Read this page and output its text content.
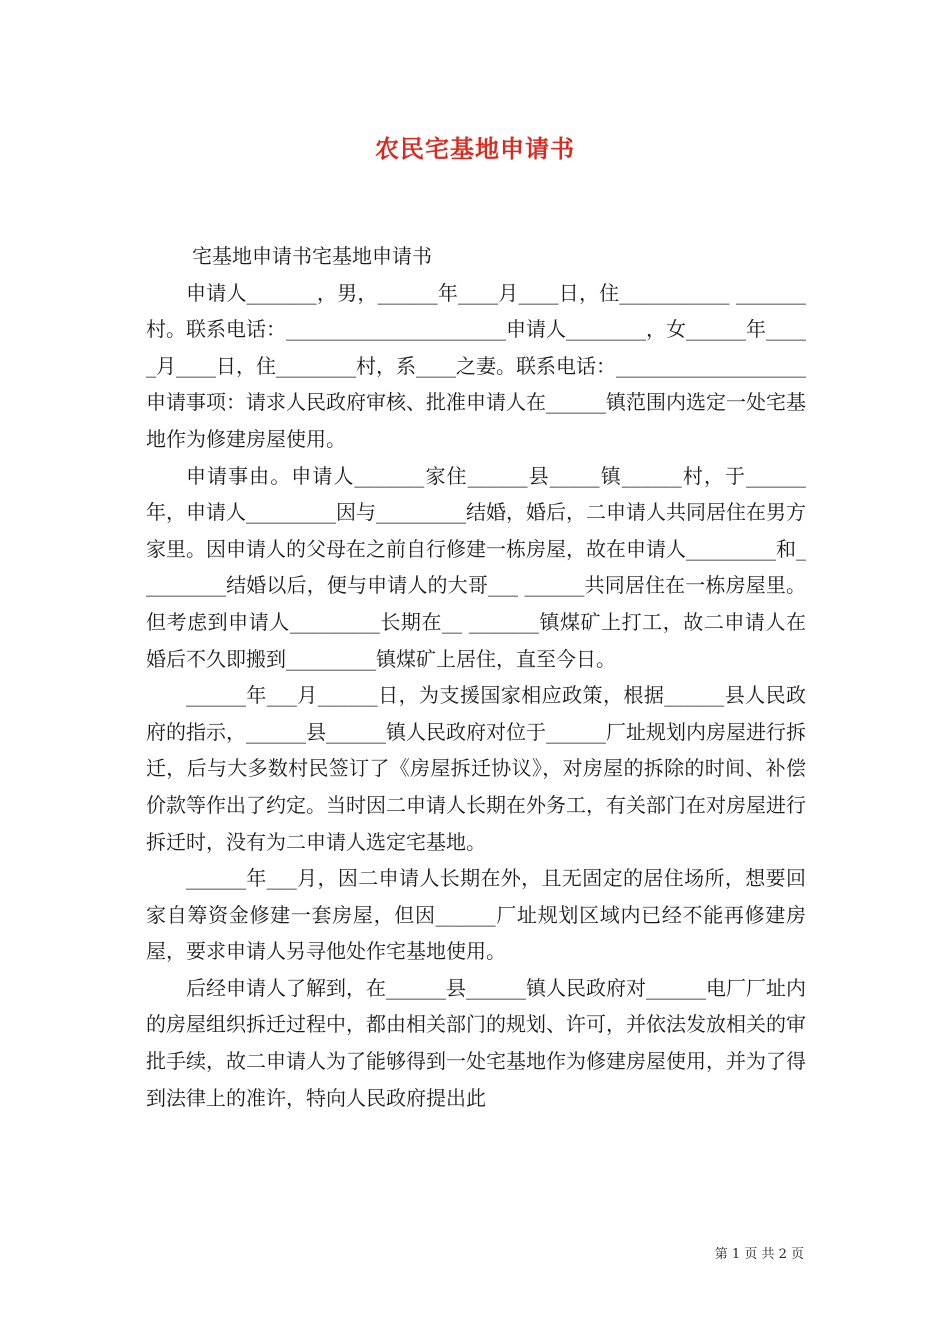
农民宅基地申请书

宅基地申请书宅基地申请书

申请人_______，男，______年____月____日，住___________ _______村。联系电话：______________________申请人________，女______年_____月____日，住________村，系____之妻。联系电话：___________________申请事项：请求人民政府审核、批准申请人在______镇范围内选定一处宅基地作为修建房屋使用。

申请事由。申请人_______家住______县_____镇______村，于______年，申请人_________因与_________结婚，婚后，二申请人共同居住在男方家里。因申请人的父母在之前自行修建一栋房屋，故在申请人_________和_________结婚以后，便与申请人的大哥___ ______共同居住在一栋房屋里。但考虑到申请人_________长期在__ _______镇煤矿上打工，故二申请人在婚后不久即搬到_________镇煤矿上居住，直至今日。

______年___月______日，为支援国家相应政策，根据______县人民政府的指示，______县______镇人民政府对位于______厂址规划内房屋进行拆迁，后与大多数村民签订了《房屋拆迁协议》，对房屋的拆除的时间、补偿价款等作出了约定。当时因二申请人长期在外务工，有关部门在对房屋进行拆迁时，没有为二申请人选定宅基地。

______年___月，因二申请人长期在外，且无固定的居住场所，想要回家自筹资金修建一套房屋，但因______厂址规划区域内已经不能再修建房屋，要求申请人另寻他处作宅基地使用。

后经申请人了解到，在______县______镇人民政府对______电厂厂址内的房屋组织拆迁过程中，都由相关部门的规划、许可，并依法发放相关的审批手续，故二申请人为了能够得到一处宅基地作为修建房屋使用，并为了得到法律上的准许，特向人民政府提出此

第 1 页 共 2 页
